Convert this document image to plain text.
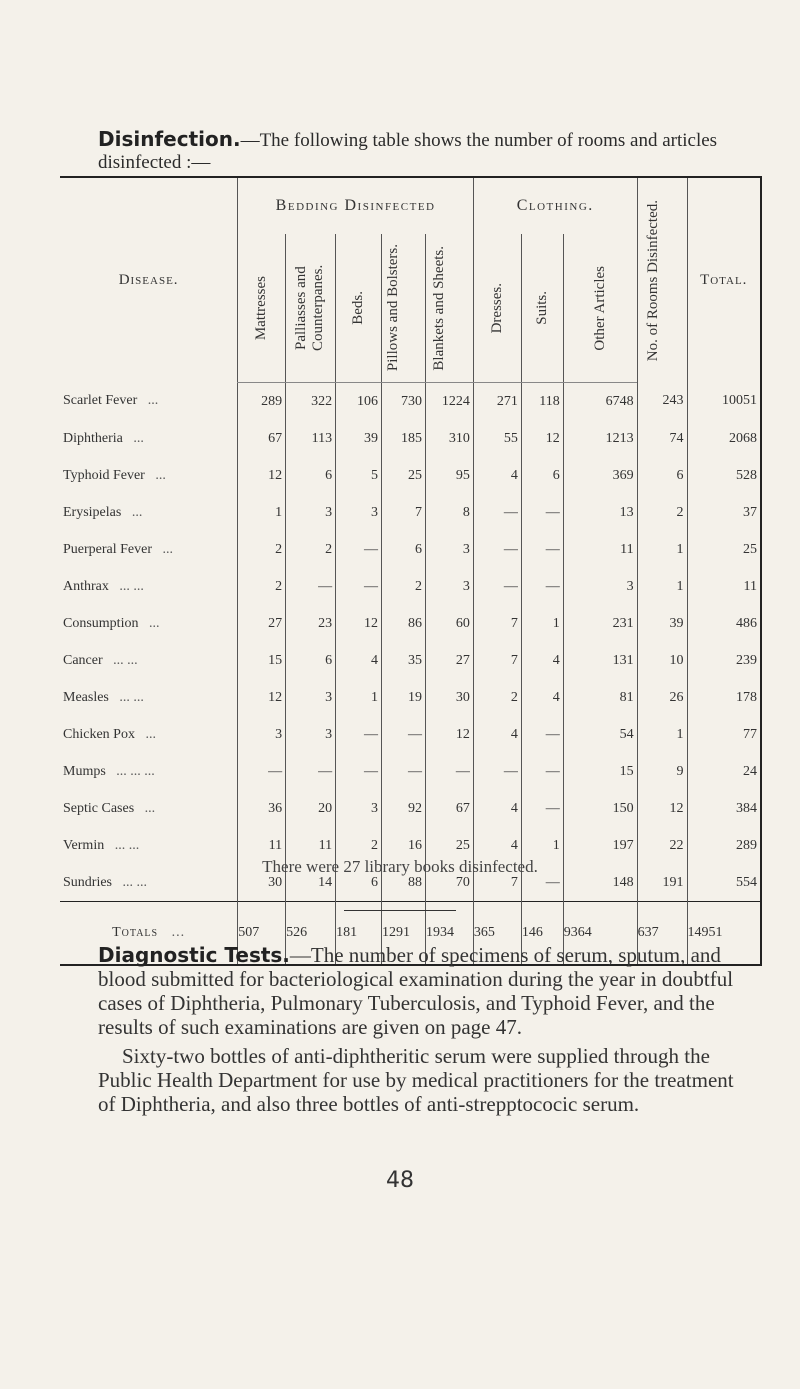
Disinfection.—The following table shows the number of rooms and articles disinfected :—
Disease.	Bedding Disinfected					Clothing.			No. of Rooms Disinfected.	Total.

	Mattresses	Palliasses and Counterpanes.	Beds.	Pillows and Bolsters.	Blankets and Sheets.	Dresses.	Suits.	Other Articles		

Scarlet Fever ...	289	322	106	730	1224	271	118	6748	243	10051
Diphtheria ...	67	113	39	185	310	55	12	1213	74	2068
Typhoid Fever ...	12	6	5	25	95	4	6	369	6	528
Erysipelas ...	1	3	3	7	8	—	—	13	2	37
Puerperal Fever ...	2	2	—	6	3	—	—	11	1	25
Anthrax ... ...	2	—	—	2	3	—	—	3	1	11
Consumption ...	27	23	12	86	60	7	1	231	39	486
Cancer ... ...	15	6	4	35	27	7	4	131	10	239
Measles ... ...	12	3	1	19	30	2	4	81	26	178
Chicken Pox ...	3	3	—	—	12	4	—	54	1	77
Mumps ... ... ...	—	—	—	—	—	—	—	15	9	24
Septic Cases ...	36	20	3	92	67	4	—	150	12	384
Vermin ... ...	11	11	2	16	25	4	1	197	22	289
Sundries ... ...	30	14	6	88	70	7	—	148	191	554
Totals ...	507	526	181	1291	1934	365	146	9364	637	14951
There were 27 library books disinfected.
Diagnostic Tests.—The number of specimens of serum, sputum, and blood submitted for bacteriological examination during the year in doubtful cases of Diphtheria, Pulmonary Tuberculosis, and Typhoid Fever, and the results of such examinations are given on page 47.
Sixty-two bottles of anti-diphtheritic serum were supplied through the Public Health Department for use by medical practitioners for the treatment of Diphtheria, and also three bottles of anti-strepptococic serum.
48
